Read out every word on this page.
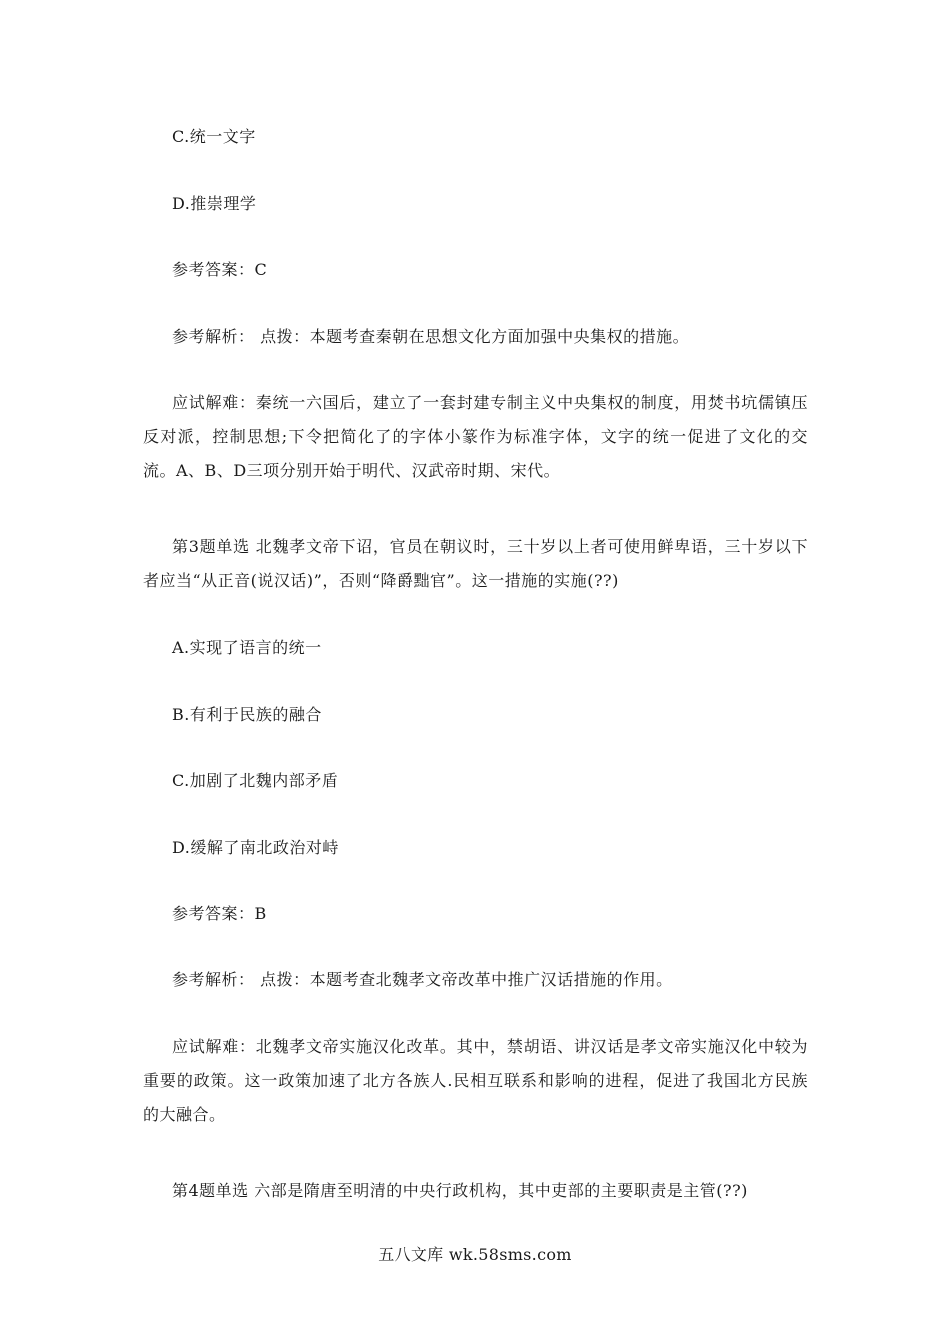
C.统一文字
D.推崇理学
参考答案：C
参考解析： 点拨：本题考查秦朝在思想文化方面加强中央集权的措施。
应试解难：秦统一六国后，建立了一套封建专制主义中央集权的制度，用焚书坑儒镇压反对派，控制思想;下令把简化了的字体小篆作为标准字体，文字的统一促进了文化的交流。A、B、D三项分别开始于明代、汉武帝时期、宋代。
第3题单选 北魏孝文帝下诏，官员在朝议时，三十岁以上者可使用鲜卑语，三十岁以下者应当“从正音(说汉话)”，否则“降爵黜官”。这一措施的实施(??)
A.实现了语言的统一
B.有利于民族的融合
C.加剧了北魏内部矛盾
D.缓解了南北政治对峙
参考答案：B
参考解析： 点拨：本题考查北魏孝文帝改革中推广汉话措施的作用。
应试解难：北魏孝文帝实施汉化改革。其中，禁胡语、讲汉话是孝文帝实施汉化中较为重要的政策。这一政策加速了北方各族人.民相互联系和影响的进程，促进了我国北方民族的大融合。
第4题单选 六部是隋唐至明清的中央行政机构，其中吏部的主要职责是主管(??)
五八文库 wk.58sms.com
